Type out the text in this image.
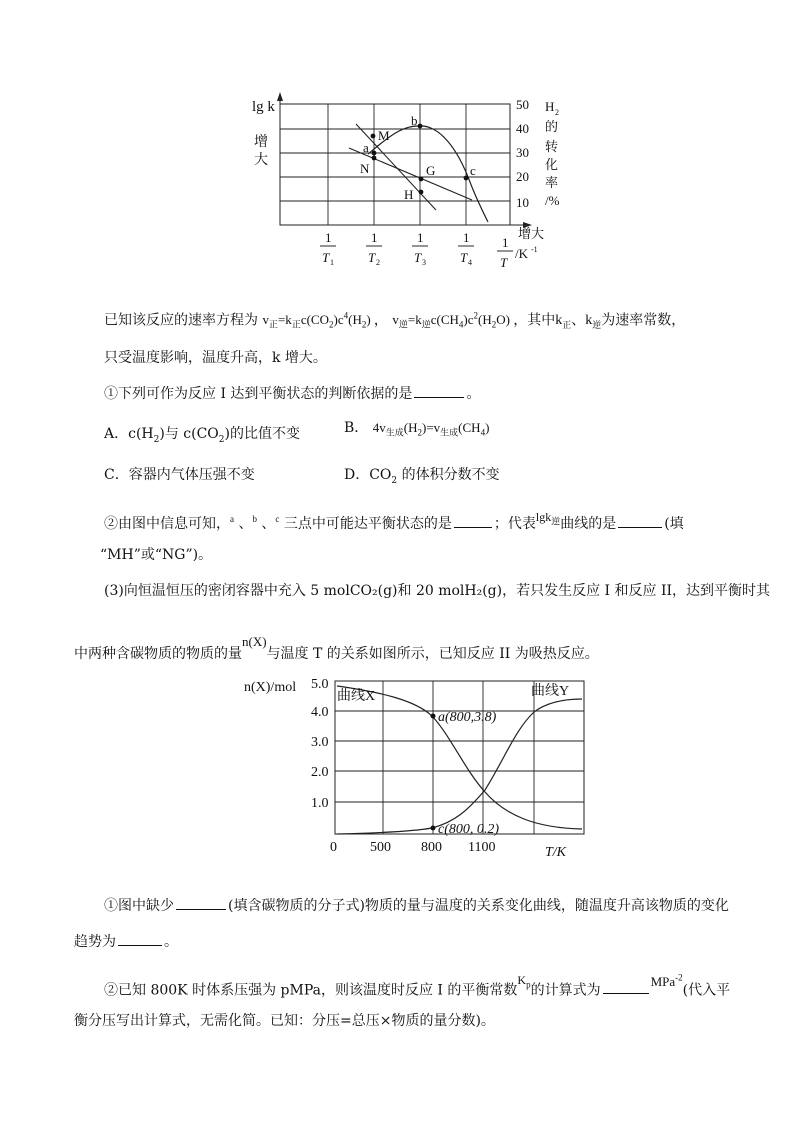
M
a
N
b
G
H
c
lg k
增
大
50
40
30
20
10
H 2
的
转
化
率
/%
增大
1
T 1
1
T 2
1
T 3
1
T 4
1
T
/K -1
已知该反应的速率方程为 $v_正=k_正c(CO_2)c^4(H_2)$ ， $v_逆=k_逆c(CH_4)c^2(H_2O)$ ，其中$k_正$、$k_逆$为速率常数，
只受温度影响，温度升高，k 增大。
①下列可作为反应 I 达到平衡状态的判断依据的是	。
A．$c(H_2)$与 $c(CO_2)$的比值不变	B． $4v_{生成}(H_2)=v_{生成}(CH_4)$
C．容器内气体压强不变	D．$CO_2$ 的体积分数不变
②由图中信息可知，$^a$ 、$^b$ 、$^c$ 三点中可能达平衡状态的是	；代表lgk$_逆$曲线的是	(填
“MH”或“NG”)。
(3)向恒温恒压的密闭容器中充入 5 molCO₂(g)和 20 molH₂(g)，若只发生反应 I 和反应 II，达到平衡时其
中两种含碳物质的物质的量n(X)与温度 T 的关系如图所示，已知反应 II 为吸热反应。
曲线X	曲线Y
a(800,3.8)
c(800, 0.2)
n(X)/mol 5.0
4.0
3.0
2.0
1.0
0 500 800 1100	T/K
①图中缺少	(填含碳物质的分子式)物质的量与温度的关系变化曲线，随温度升高该物质的变化
趋势为	。
②已知 800K 时体系压强为 pMPa，则该温度时反应 I 的平衡常数$K_p$的计算式为MPa$^{-2}$(代入平
衡分压写出计算式，无需化简。已知：分压=总压×物质的量分数)。
